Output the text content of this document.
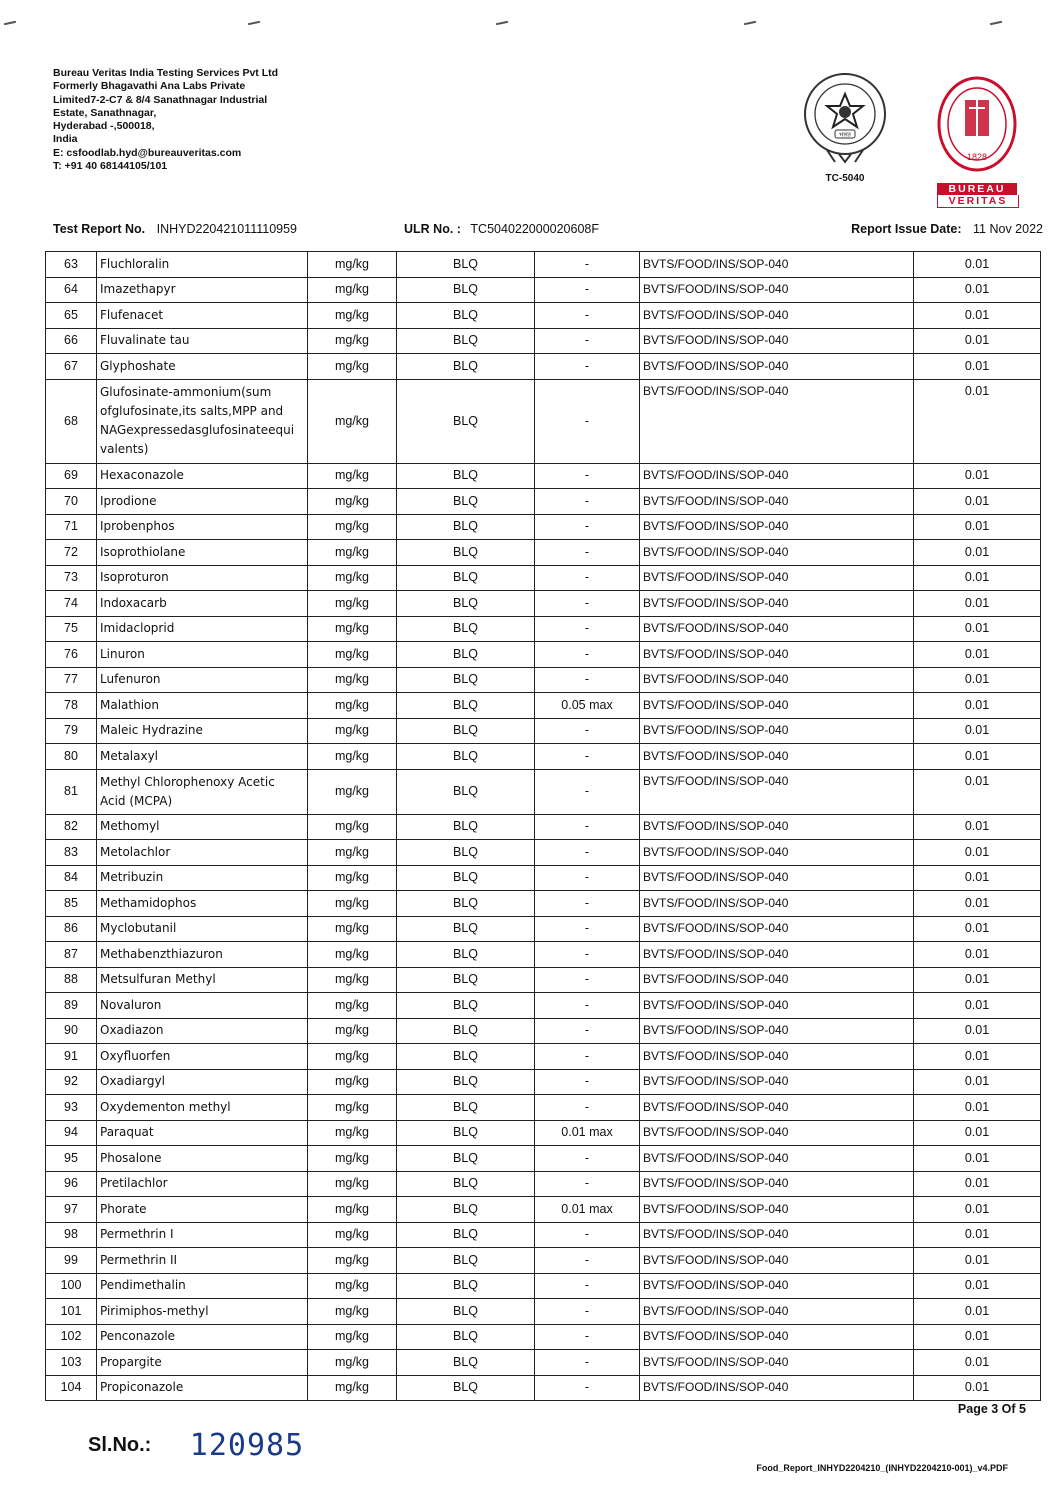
Bureau Veritas India Testing Services Pvt Ltd
Formerly Bhagavathi Ana Labs Private
Limited7-2-C7 & 8/4 Sanathnagar Industrial
Estate, Sanathnagar,
Hyderabad -,500018,
India
E: csfoodlab.hyd@bureauveritas.com
T: +91 40 68144105/101
भारत
TC-5040
1828
BUREAU
VERITAS
Test Report No. INHYD220421011110959	ULR No. : TC504022000020608F	Report Issue Date: 11 Nov 2022
63	Fluchloralin	mg/kg	BLQ	-	BVTS/FOOD/INS/SOP-040	0.01
64	Imazethapyr	mg/kg	BLQ	-	BVTS/FOOD/INS/SOP-040	0.01
65	Flufenacet	mg/kg	BLQ	-	BVTS/FOOD/INS/SOP-040	0.01
66	Fluvalinate tau	mg/kg	BLQ	-	BVTS/FOOD/INS/SOP-040	0.01
67	Glyphoshate	mg/kg	BLQ	-	BVTS/FOOD/INS/SOP-040	0.01
68	Glufosinate-ammonium(sum ofglufosinate,its salts,MPP and NAGexpressedasglufosinateequi valents)	mg/kg	BLQ	-	BVTS/FOOD/INS/SOP-040	0.01
69	Hexaconazole	mg/kg	BLQ	-	BVTS/FOOD/INS/SOP-040	0.01
70	Iprodione	mg/kg	BLQ	-	BVTS/FOOD/INS/SOP-040	0.01
71	Iprobenphos	mg/kg	BLQ	-	BVTS/FOOD/INS/SOP-040	0.01
72	Isoprothiolane	mg/kg	BLQ	-	BVTS/FOOD/INS/SOP-040	0.01
73	Isoproturon	mg/kg	BLQ	-	BVTS/FOOD/INS/SOP-040	0.01
74	Indoxacarb	mg/kg	BLQ	-	BVTS/FOOD/INS/SOP-040	0.01
75	Imidacloprid	mg/kg	BLQ	-	BVTS/FOOD/INS/SOP-040	0.01
76	Linuron	mg/kg	BLQ	-	BVTS/FOOD/INS/SOP-040	0.01
77	Lufenuron	mg/kg	BLQ	-	BVTS/FOOD/INS/SOP-040	0.01
78	Malathion	mg/kg	BLQ	0.05 max	BVTS/FOOD/INS/SOP-040	0.01
79	Maleic Hydrazine	mg/kg	BLQ	-	BVTS/FOOD/INS/SOP-040	0.01
80	Metalaxyl	mg/kg	BLQ	-	BVTS/FOOD/INS/SOP-040	0.01
81	Methyl Chlorophenoxy Acetic Acid (MCPA)	mg/kg	BLQ	-	BVTS/FOOD/INS/SOP-040	0.01
82	Methomyl	mg/kg	BLQ	-	BVTS/FOOD/INS/SOP-040	0.01
83	Metolachlor	mg/kg	BLQ	-	BVTS/FOOD/INS/SOP-040	0.01
84	Metribuzin	mg/kg	BLQ	-	BVTS/FOOD/INS/SOP-040	0.01
85	Methamidophos	mg/kg	BLQ	-	BVTS/FOOD/INS/SOP-040	0.01
86	Myclobutanil	mg/kg	BLQ	-	BVTS/FOOD/INS/SOP-040	0.01
87	Methabenzthiazuron	mg/kg	BLQ	-	BVTS/FOOD/INS/SOP-040	0.01
88	Metsulfuran Methyl	mg/kg	BLQ	-	BVTS/FOOD/INS/SOP-040	0.01
89	Novaluron	mg/kg	BLQ	-	BVTS/FOOD/INS/SOP-040	0.01
90	Oxadiazon	mg/kg	BLQ	-	BVTS/FOOD/INS/SOP-040	0.01
91	Oxyfluorfen	mg/kg	BLQ	-	BVTS/FOOD/INS/SOP-040	0.01
92	Oxadiargyl	mg/kg	BLQ	-	BVTS/FOOD/INS/SOP-040	0.01
93	Oxydementon methyl	mg/kg	BLQ	-	BVTS/FOOD/INS/SOP-040	0.01
94	Paraquat	mg/kg	BLQ	0.01 max	BVTS/FOOD/INS/SOP-040	0.01
95	Phosalone	mg/kg	BLQ	-	BVTS/FOOD/INS/SOP-040	0.01
96	Pretilachlor	mg/kg	BLQ	-	BVTS/FOOD/INS/SOP-040	0.01
97	Phorate	mg/kg	BLQ	0.01 max	BVTS/FOOD/INS/SOP-040	0.01
98	Permethrin I	mg/kg	BLQ	-	BVTS/FOOD/INS/SOP-040	0.01
99	Permethrin II	mg/kg	BLQ	-	BVTS/FOOD/INS/SOP-040	0.01
100	Pendimethalin	mg/kg	BLQ	-	BVTS/FOOD/INS/SOP-040	0.01
101	Pirimiphos-methyl	mg/kg	BLQ	-	BVTS/FOOD/INS/SOP-040	0.01
102	Penconazole	mg/kg	BLQ	-	BVTS/FOOD/INS/SOP-040	0.01
103	Propargite	mg/kg	BLQ	-	BVTS/FOOD/INS/SOP-040	0.01
104	Propiconazole	mg/kg	BLQ	-	BVTS/FOOD/INS/SOP-040	0.01
Page 3 Of 5
Sl.No.: 120985
Food_Report_INHYD2204210_(INHYD2204210-001)_v4.PDF
